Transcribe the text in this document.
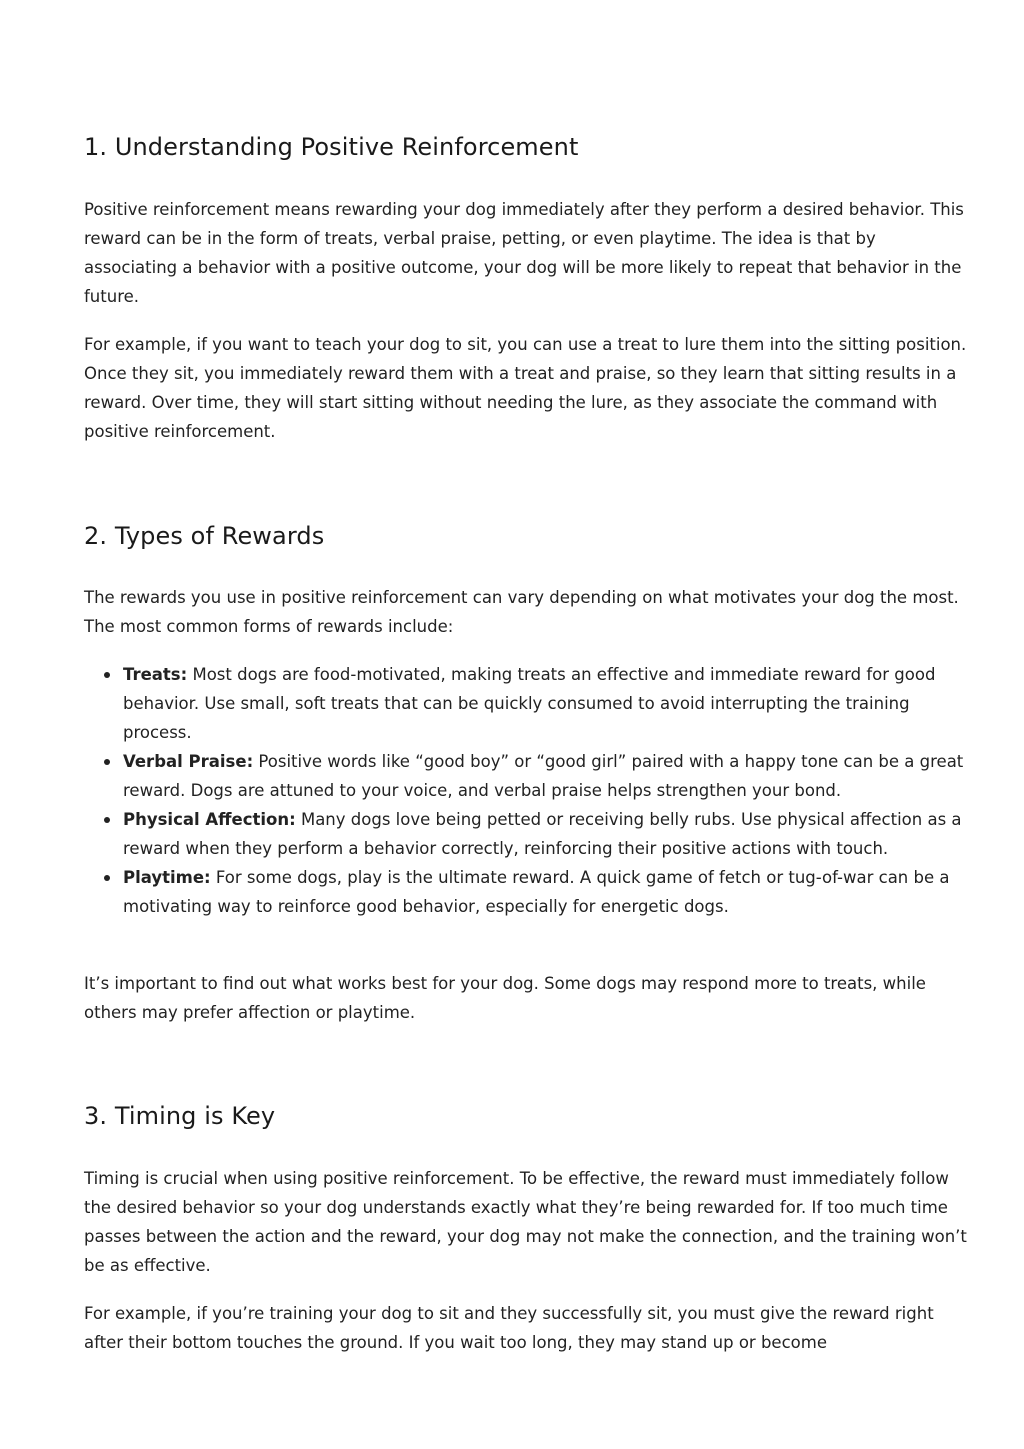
1. Understanding Positive Reinforcement

Positive reinforcement means rewarding your dog immediately after they perform a desired behavior. This reward can be in the form of treats, verbal praise, petting, or even playtime. The idea is that by associating a behavior with a positive outcome, your dog will be more likely to repeat that behavior in the future.

For example, if you want to teach your dog to sit, you can use a treat to lure them into the sitting position. Once they sit, you immediately reward them with a treat and praise, so they learn that sitting results in a reward. Over time, they will start sitting without needing the lure, as they associate the command with positive reinforcement.

2. Types of Rewards

The rewards you use in positive reinforcement can vary depending on what motivates your dog the most. The most common forms of rewards include:

Treats: Most dogs are food-motivated, making treats an effective and immediate reward for good behavior. Use small, soft treats that can be quickly consumed to avoid interrupting the training process.
Verbal Praise: Positive words like “good boy” or “good girl” paired with a happy tone can be a great reward. Dogs are attuned to your voice, and verbal praise helps strengthen your bond.
Physical Affection: Many dogs love being petted or receiving belly rubs. Use physical affection as a reward when they perform a behavior correctly, reinforcing their positive actions with touch.
Playtime: For some dogs, play is the ultimate reward. A quick game of fetch or tug-of-war can be a motivating way to reinforce good behavior, especially for energetic dogs.

It’s important to find out what works best for your dog. Some dogs may respond more to treats, while others may prefer affection or playtime.

3. Timing is Key

Timing is crucial when using positive reinforcement. To be effective, the reward must immediately follow the desired behavior so your dog understands exactly what they’re being rewarded for. If too much time passes between the action and the reward, your dog may not make the connection, and the training won’t be as effective.

For example, if you’re training your dog to sit and they successfully sit, you must give the reward right after their bottom touches the ground. If you wait too long, they may stand up or become
